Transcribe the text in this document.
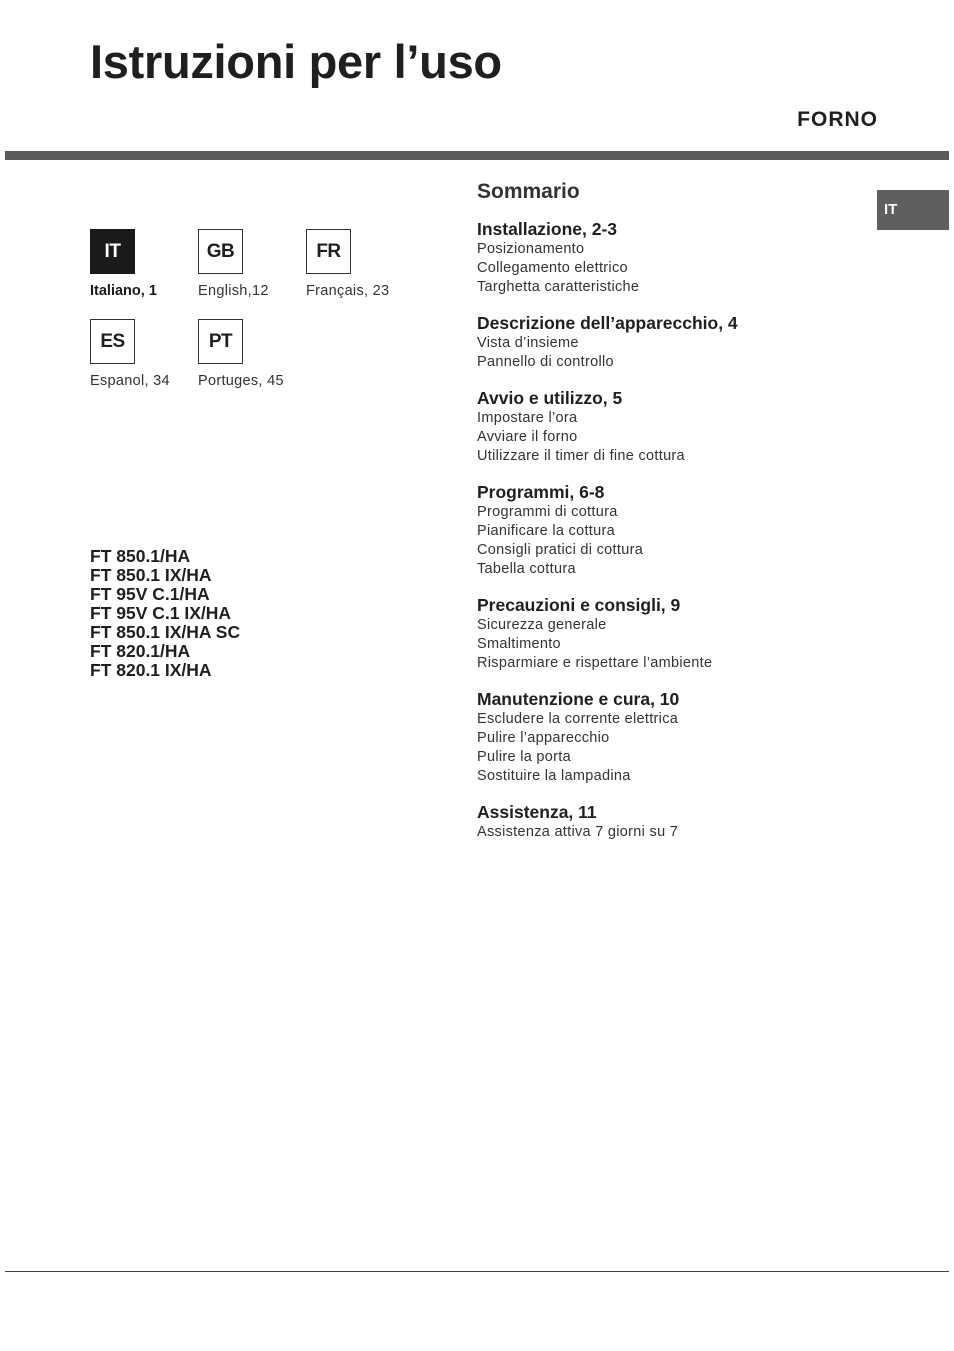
Istruzioni per l’uso
FORNO
IT
IT
Italiano, 1
GB
English,12
FR
Français, 23
ES
Espanol, 34
PT
Portuges, 45
FT 850.1/HA
FT 850.1 IX/HA
FT 95V C.1/HA
FT 95V C.1 IX/HA
FT 850.1 IX/HA SC
FT 820.1/HA
FT 820.1 IX/HA
Sommario
Installazione, 2-3
Posizionamento
Collegamento elettrico
Targhetta caratteristiche
Descrizione dell’apparecchio, 4
Vista d’insieme
Pannello di controllo
Avvio e utilizzo, 5
Impostare l’ora
Avviare il forno
Utilizzare il timer di fine cottura
Programmi, 6-8
Programmi di cottura
Pianificare la cottura
Consigli pratici di cottura
Tabella cottura
Precauzioni e consigli, 9
Sicurezza generale
Smaltimento
Risparmiare e rispettare l’ambiente
Manutenzione e cura, 10
Escludere la corrente elettrica
Pulire l’apparecchio
Pulire la porta
Sostituire la lampadina
Assistenza, 11
Assistenza attiva 7 giorni su 7
